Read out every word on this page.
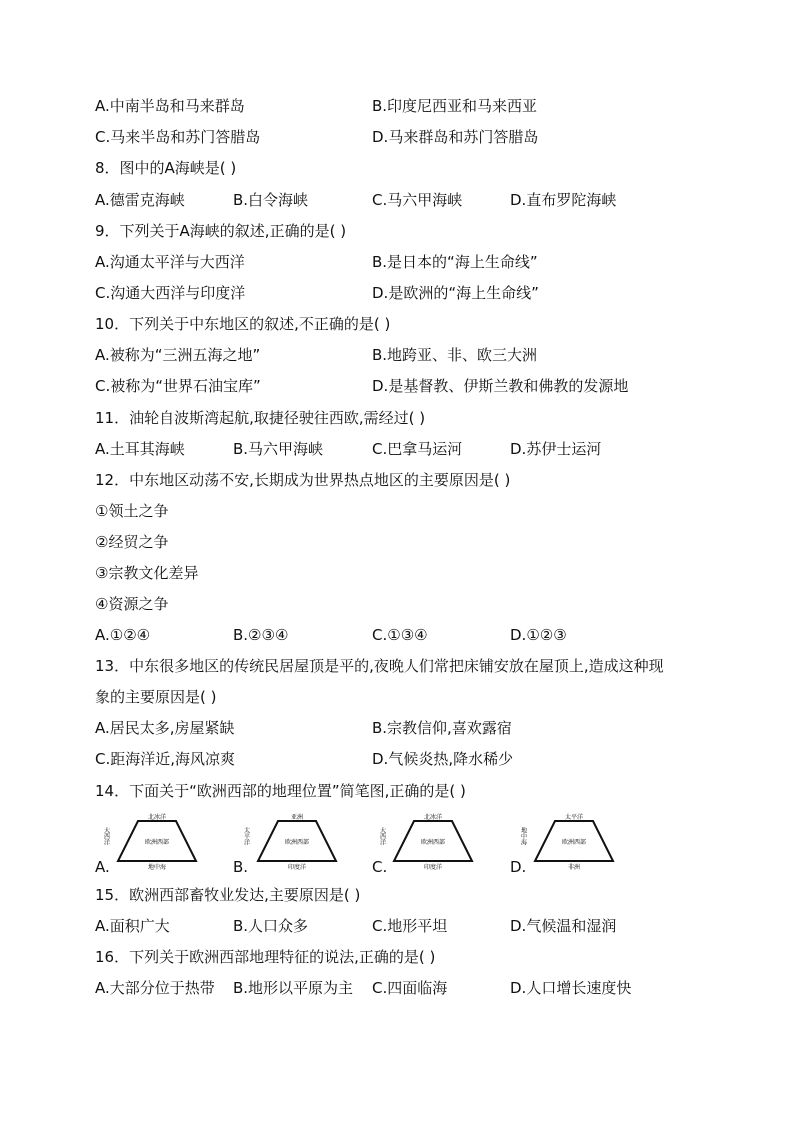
A.中南半岛和马来群岛	B.印度尼西亚和马来西亚
C.马来半岛和苏门答腊岛	D.马来群岛和苏门答腊岛
8．图中的A海峡是( )
A.德雷克海峡	B.白令海峡	C.马六甲海峡	D.直布罗陀海峡
9．下列关于A海峡的叙述,正确的是( )
A.沟通太平洋与大西洋	B.是日本的“海上生命线”
C.沟通大西洋与印度洋	D.是欧洲的“海上生命线”
10．下列关于中东地区的叙述,不正确的是( )
A.被称为“三洲五海之地”	B.地跨亚、非、欧三大洲
C.被称为“世界石油宝库”	D.是基督教、伊斯兰教和佛教的发源地
11．油轮自波斯湾起航,取捷径驶往西欧,需经过( )
A.土耳其海峡	B.马六甲海峡	C.巴拿马运河	D.苏伊士运河
12．中东地区动荡不安,长期成为世界热点地区的主要原因是( )
①领土之争
②经贸之争
③宗教文化差异
④资源之争
A.①②④	B.②③④	C.①③④	D.①②③
13．中东很多地区的传统民居屋顶是平的,夜晚人们常把床铺安放在屋顶上,造成这种现
象的主要原因是( )
A.居民太多,房屋紧缺	B.宗教信仰,喜欢露宿
C.距海洋近,海风凉爽	D.气候炎热,降水稀少
14．下面关于“欧洲西部的地理位置”简笔图,正确的是( )
A.
北冰洋
欧洲西部
地中海
大西洋
B.
亚洲
欧洲西部
印度洋
太平洋
C.
北冰洋
欧洲西部
印度洋
大西洋
D.
太平洋
欧洲西部
非洲
地中海
15．欧洲西部畜牧业发达,主要原因是( )
A.面积广大	B.人口众多	C.地形平坦	D.气候温和湿润
16．下列关于欧洲西部地理特征的说法,正确的是( )
A.大部分位于热带 B.地形以平原为主 C.四面临海	D.人口增长速度快
